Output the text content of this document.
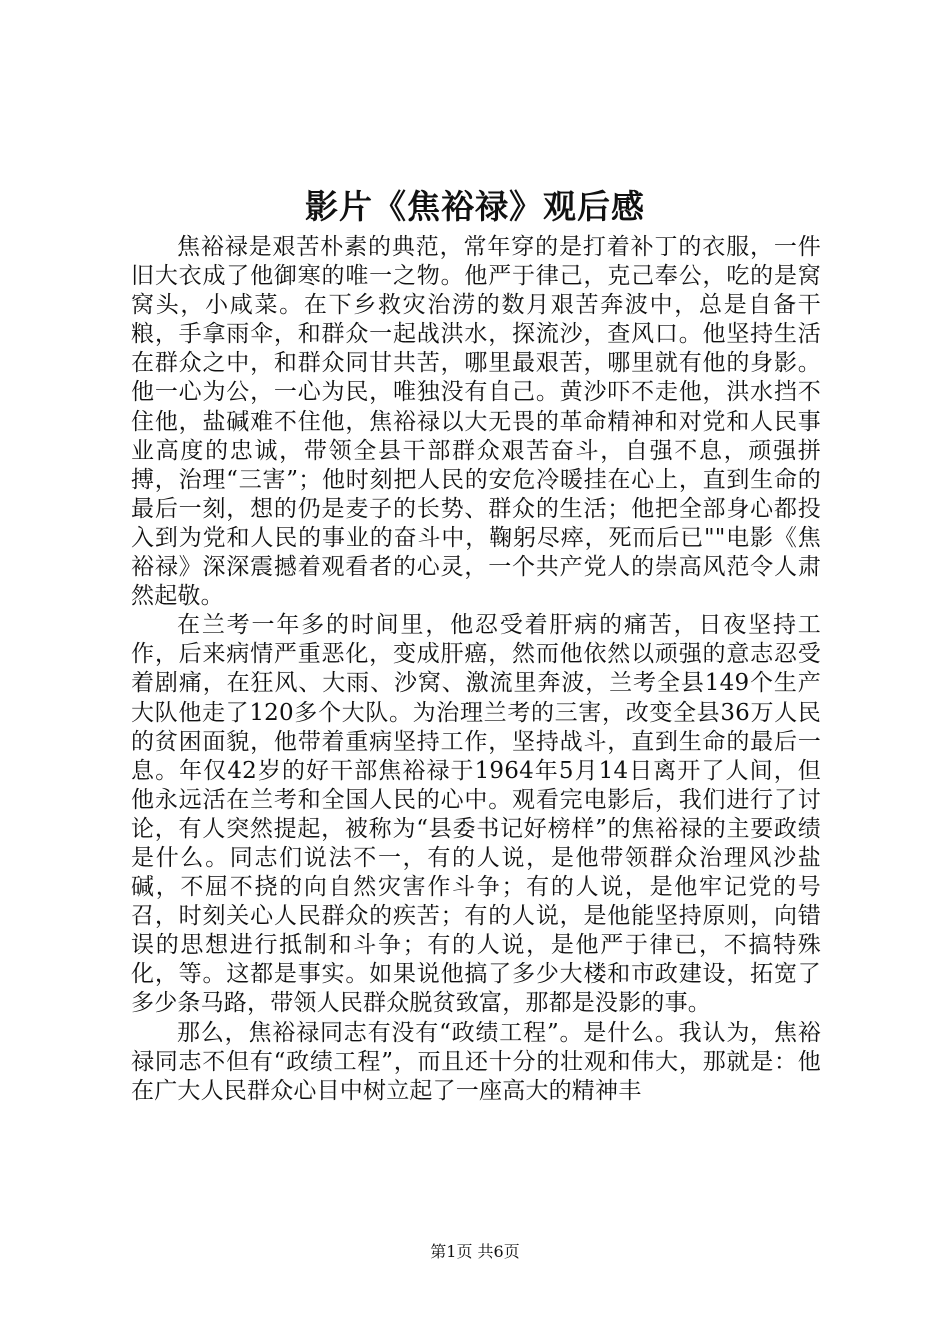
影片《焦裕禄》观后感

焦裕禄是艰苦朴素的典范，常年穿的是打着补丁的衣服，一件旧大衣成了他御寒的唯一之物。他严于律己，克己奉公，吃的是窝窝头，小咸菜。在下乡救灾治涝的数月艰苦奔波中，总是自备干粮，手拿雨伞，和群众一起战洪水，探流沙，查风口。他坚持生活在群众之中，和群众同甘共苦，哪里最艰苦，哪里就有他的身影。他一心为公，一心为民，唯独没有自己。黄沙吓不走他，洪水挡不住他，盐碱难不住他，焦裕禄以大无畏的革命精神和对党和人民事业高度的忠诚，带领全县干部群众艰苦奋斗，自强不息，顽强拼搏，治理“三害”；他时刻把人民的安危冷暖挂在心上，直到生命的最后一刻，想的仍是麦子的长势、群众的生活；他把全部身心都投入到为党和人民的事业的奋斗中，鞠躬尽瘁，死而后已""电影《焦裕禄》深深震撼着观看者的心灵，一个共产党人的崇高风范令人肃然起敬。

在兰考一年多的时间里，他忍受着肝病的痛苦，日夜坚持工作，后来病情严重恶化，变成肝癌，然而他依然以顽强的意志忍受着剧痛，在狂风、大雨、沙窝、激流里奔波，兰考全县149个生产大队他走了120多个大队。为治理兰考的三害，改变全县36万人民的贫困面貌，他带着重病坚持工作，坚持战斗，直到生命的最后一息。年仅42岁的好干部焦裕禄于1964年5月14日离开了人间，但他永远活在兰考和全国人民的心中。观看完电影后，我们进行了讨论，有人突然提起，被称为“县委书记好榜样”的焦裕禄的主要政绩是什么。同志们说法不一，有的人说，是他带领群众治理风沙盐碱，不屈不挠的向自然灾害作斗争；有的人说，是他牢记党的号召，时刻关心人民群众的疾苦；有的人说，是他能坚持原则，向错误的思想进行抵制和斗争；有的人说，是他严于律已，不搞特殊化，等。这都是事实。如果说他搞了多少大楼和市政建设，拓宽了多少条马路，带领人民群众脱贫致富，那都是没影的事。

那么，焦裕禄同志有没有“政绩工程”。是什么。我认为，焦裕禄同志不但有“政绩工程”，而且还十分的壮观和伟大，那就是：他在广大人民群众心目中树立起了一座高大的精神丰

第1页 共6页
